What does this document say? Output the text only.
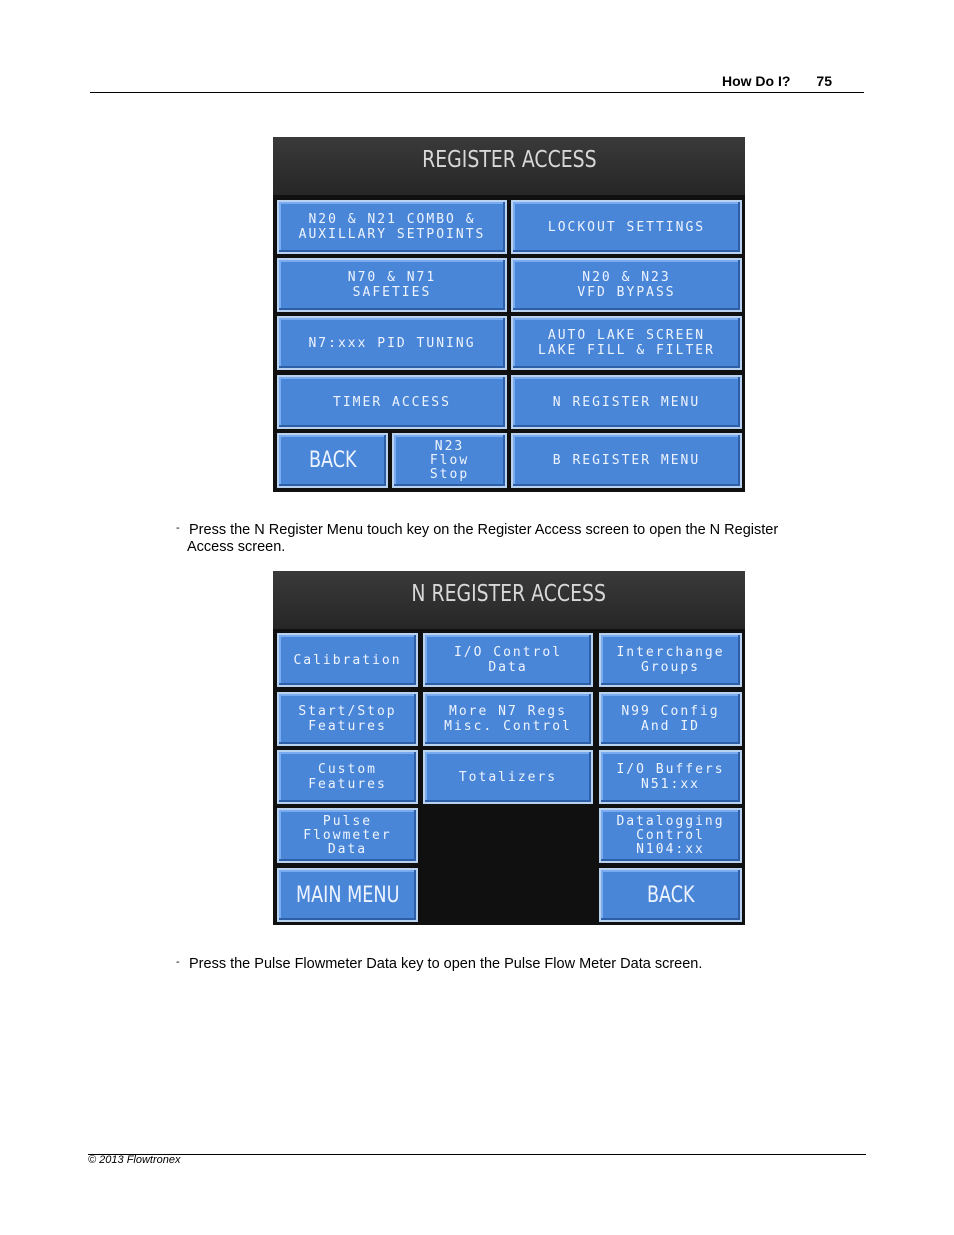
How Do I? 75
REGISTER ACCESS
N20 & N21 COMBO &
AUXILLARY SETPOINTS	LOCKOUT SETTINGS
N70 & N71
SAFETIES
N20 & N23
VFD BYPASS
N7:xxx PID TUNING	AUTO LAKE SCREEN
LAKE FILL & FILTER
TIMER ACCESS	N REGISTER MENU
BACK
N23
Flow
Stop
B REGISTER MENU
- Press the N Register Menu touch key on the Register Access screen to open the N Register
Access screen.
N REGISTER ACCESS
Calibration	I/O Control
Data
Interchange
Groups
Start/Stop
Features
More N7 Regs
Misc. Control
N99 Config
And ID
Custom
Features	Totalizers	I/O Buffers
N51:xx
Pulse
Flowmeter
Data
Datalogging
Control
N104:xx
MAIN MENU	BACK
- Press the Pulse Flowmeter Data key to open the Pulse Flow Meter Data screen.
© 2013 Flowtronex
